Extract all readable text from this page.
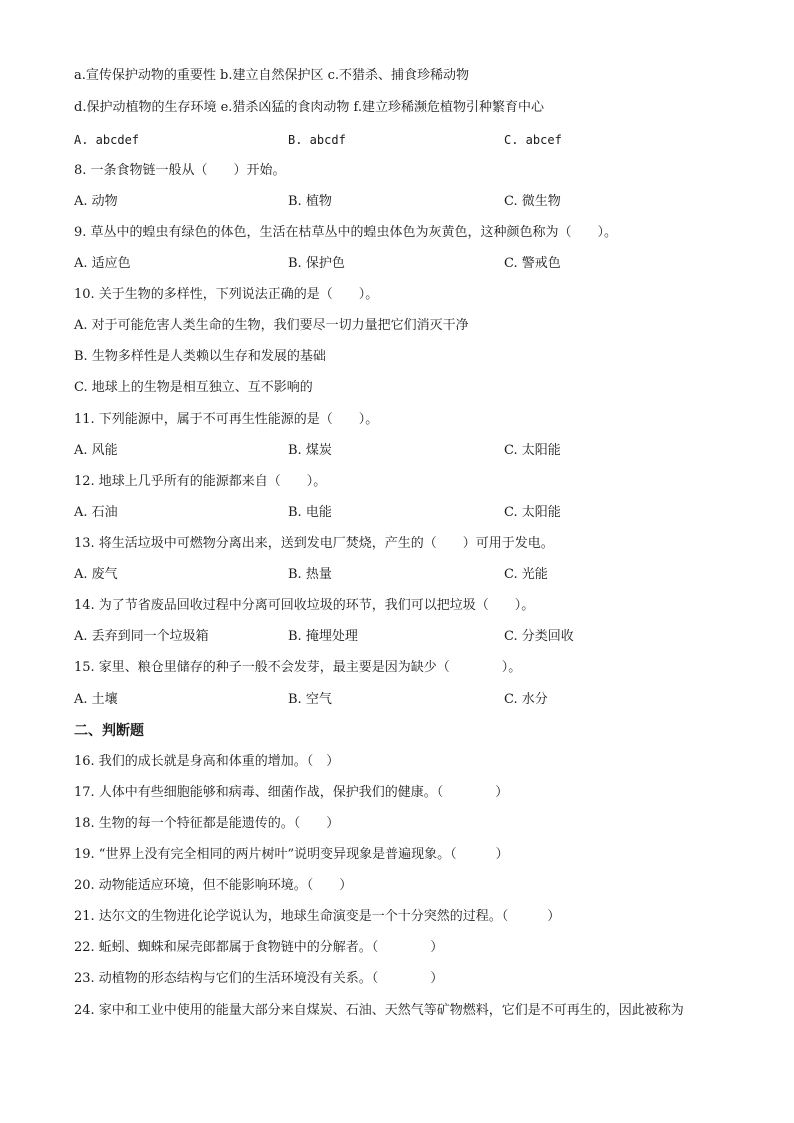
a.宣传保护动物的重要性 b.建立自然保护区 c.不猎杀、捕食珍稀动物
d.保护动植物的生存环境 e.猎杀凶猛的食肉动物 f.建立珍稀濒危植物引种繁育中心
A. abcdef	B. abcdf	C. abcef
8. 一条食物链一般从（　　）开始。
A. 动物	B. 植物	C. 微生物
9. 草丛中的蝗虫有绿色的体色，生活在枯草丛中的蝗虫体色为灰黄色，这种颜色称为（　　）。
A. 适应色	B. 保护色	C. 警戒色
10. 关于生物的多样性，下列说法正确的是（　　）。
A. 对于可能危害人类生命的生物，我们要尽一切力量把它们消灭干净
B. 生物多样性是人类赖以生存和发展的基础
C. 地球上的生物是相互独立、互不影响的
11. 下列能源中，属于不可再生性能源的是（　　）。
A. 风能	B. 煤炭	C. 太阳能
12. 地球上几乎所有的能源都来自（　　）。
A. 石油	B. 电能	C. 太阳能
13. 将生活垃圾中可燃物分离出来，送到发电厂焚烧，产生的（　　）可用于发电。
A. 废气	B. 热量	C. 光能
14. 为了节省废品回收过程中分离可回收垃圾的环节，我们可以把垃圾（　　）。
A. 丢弃到同一个垃圾箱	B. 掩埋处理	C. 分类回收
15. 家里、粮仓里储存的种子一般不会发芽，最主要是因为缺少（　　　　）。
A. 土壤	B. 空气	C. 水分
二、判断题
16. 我们的成长就是身高和体重的增加。（　）
17. 人体中有些细胞能够和病毒、细菌作战，保护我们的健康。（　　　　）
18. 生物的每一个特征都是能遗传的。（　　）
19. “世界上没有完全相同的两片树叶”说明变异现象是普遍现象。（　　　）
20. 动物能适应环境，但不能影响环境。（　　）
21. 达尔文的生物进化论学说认为，地球生命演变是一个十分突然的过程。（　　　）
22. 蚯蚓、蜘蛛和屎壳郎都属于食物链中的分解者。（　　　　）
23. 动植物的形态结构与它们的生活环境没有关系。（　　　　）
24. 家中和工业中使用的能量大部分来自煤炭、石油、天然气等矿物燃料，它们是不可再生的，因此被称为
